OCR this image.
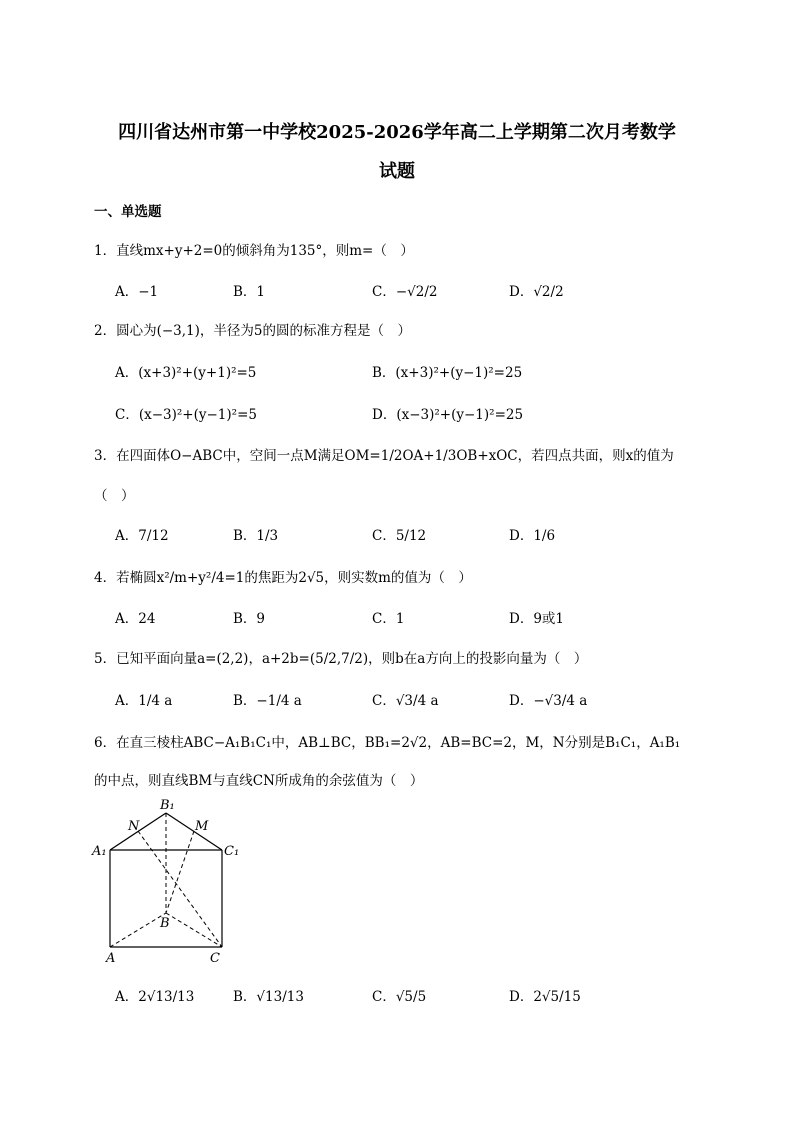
四川省达州市第一中学校2025-2026学年高二上学期第二次月考数学
试题
一、单选题
1．直线mx+y+2=0的倾斜角为135°，则m=（　）
A．−1	B．1	C．−√2/2	D．√2/2
2．圆心为(−3,1)，半径为5的圆的标准方程是（　）
A．(x+3)²+(y+1)²=5	B．(x+3)²+(y−1)²=25
C．(x−3)²+(y−1)²=5	D．(x−3)²+(y−1)²=25
3．在四面体O−ABC中，空间一点M满足OM=1/2OA+1/3OB+xOC，若四点共面，则x的值为
（　）
A．7/12	B．1/3	C．5/12	D．1/6
4．若椭圆x²/m+y²/4=1的焦距为2√5，则实数m的值为（　）
A．24	B．9	C．1	D．9或1
5．已知平面向量a=(2,2)，a+2b=(5/2,7/2)，则b在a方向上的投影向量为（　）
A．1/4 a	B．−1/4 a	C．√3/4 a	D．−√3/4 a
6．在直三棱柱ABC−A₁B₁C₁中，AB⊥BC，BB₁=2√2，AB=BC=2，M，N分别是B₁C₁，A₁B₁
的中点，则直线BM与直线CN所成角的余弦值为（　）
B₁
N	M
A₁	C₁
B
A	C
A．2√13/13	B．√13/13	C．√5/5	D．2√5/15
